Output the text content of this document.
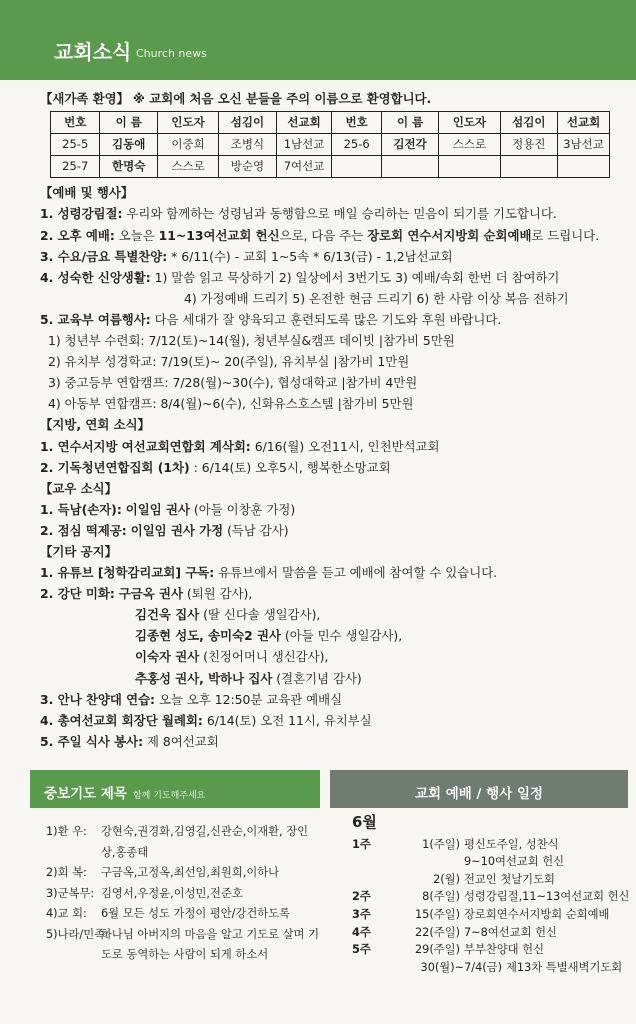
교회소식 Church news

【새가족 환영】 ※ 교회에 처음 오신 분들을 주의 이름으로 환영합니다.

번호	이 름	인도자	섬김이	선교회	번호	이 름	인도자	섬김이	선교회
25-5	김동애	이중희	조병식	1남선교	25-6	김전각	스스로	정용진	3남선교
25-7	한명숙	스스로	방순영	7여선교					

【예배 및 행사】

1. 성령강림절: 우리와 함께하는 성령님과 동행함으로 매일 승리하는 믿음이 되기를 기도합니다.

2. 오후 예배: 오늘은 11~13여선교회 헌신으로, 다음 주는 장로회 연수서지방회 순회예배로 드립니다.

3. 수요/금요 특별찬양: * 6/11(수) - 교회 1~5속 * 6/13(금) - 1,2남선교회

4. 성숙한 신앙생활: 1) 말씀 읽고 묵상하기 2) 일상에서 3번기도 3) 예배/속회 한번 더 참여하기

4) 가정예배 드리기 5) 온전한 현금 드리기 6) 한 사람 이상 복음 전하기

5. 교육부 여름행사: 다음 세대가 잘 양육되고 훈련되도록 많은 기도와 후원 바랍니다.

1) 청년부 수련회: 7/12(토)~14(월), 청년부실&캠프 데이빗 |참가비 5만원

2) 유치부 성경학교: 7/19(토)~ 20(주일), 유치부실 |참가비 1만원

3) 중고등부 연합캠프: 7/28(월)~30(수), 협성대학교 |참가비 4만원

4) 아동부 연합캠프: 8/4(월)~6(수), 신화유스호스텔 |참가비 5만원

【지방, 연회 소식】

1. 연수서지방 여선교회연합회 계삭회: 6/16(월) 오전11시, 인천반석교회

2. 기독청년연합집회 (1차) : 6/14(토) 오후5시, 행복한소망교회

【교우 소식】

1. 득남(손자): 이일임 권사 (아들 이창훈 가정)

2. 점심 떡제공: 이일임 권사 가정 (득남 감사)

【기타 공지】

1. 유튜브 [청학감리교회] 구독: 유튜브에서 말씀을 듣고 예배에 참여할 수 있습니다.

2. 강단 미화: 구금옥 권사 (퇴원 감사),

김건욱 집사 (딸 신다솔 생일감사),

김종현 성도, 송미숙2 권사 (아들 민수 생일감사),

이숙자 권사 (친정어머니 생신감사),

추홍성 권사, 박하나 집사 (결혼기념 감사)

3. 안나 찬양대 연습: 오늘 오후 12:50분 교육관 예배실

4. 총여선교회 회장단 월례회: 6/14(토) 오전 11시, 유치부실

5. 주일 식사 봉사: 제 8여선교회

중보기도 제목 함께 기도해주세요
1)환 우:	강현숙,권경화,김영길,신관순,이재환, 장인상,홍종태
2)회 복:	구금옥,고정옥,최선임,최원희,이하나
3)군복무: 김영서,우정윤,이성민,전준호
4)교 회:	6월 모든 성도 가정이 평안/강건하도록
5)나라/민족:
하나님 아버지의 마음을 알고 기도로 살며 기도로 동역하는 사람이 되게 하소서
교회 예배 / 행사 일정
6월
1주	1(주일) 평신도주일, 성찬식
9~10여선교회 헌신
2(월) 전교인 첫날기도회
2주	8(주일) 성령강림절,11~13여선교회 헌신
3주	15(주일) 장로회연수서지방회 순회예배
4주	22(주일) 7~8여선교회 헌신
5주	29(주일) 부부찬양대 헌신
30(월)~7/4(금) 제13차 특별새벽기도회
